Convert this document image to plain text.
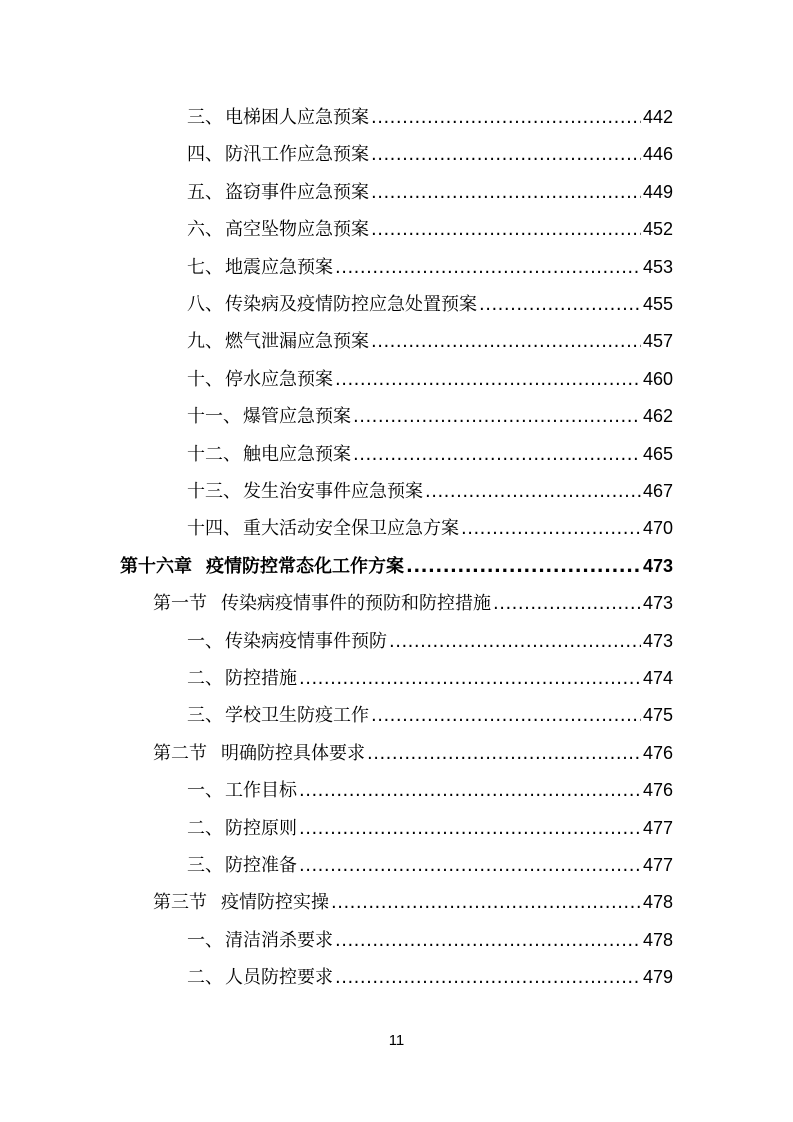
三、 电梯困人应急预案 .....	442
四、 防汛工作应急预案 .....	446
五、 盗窃事件应急预案 .....	449
六、 高空坠物应急预案 .....	452
七、 地震应急预案 .....	453
八、 传染病及疫情防控应急处置预案 .....	455
九、 燃气泄漏应急预案 .....	457
十、 停水应急预案 .....	460
十一、 爆管应急预案 .....	462
十二、 触电应急预案 .....	465
十三、 发生治安事件应急预案 .....	467
十四、 重大活动安全保卫应急方案 .....	470
第十六章 疫情防控常态化工作方案 .....	473
第一节 传染病疫情事件的预防和防控措施 .....	473
一、 传染病疫情事件预防 .....	473
二、 防控措施 .....	474
三、 学校卫生防疫工作 .....	475
第二节 明确防控具体要求 .....	476
一、 工作目标 .....	476
二、 防控原则 .....	477
三、 防控准备 .....	477
第三节 疫情防控实操 .....	478
一、 清洁消杀要求 .....	478
二、 人员防控要求 .....	479
11
